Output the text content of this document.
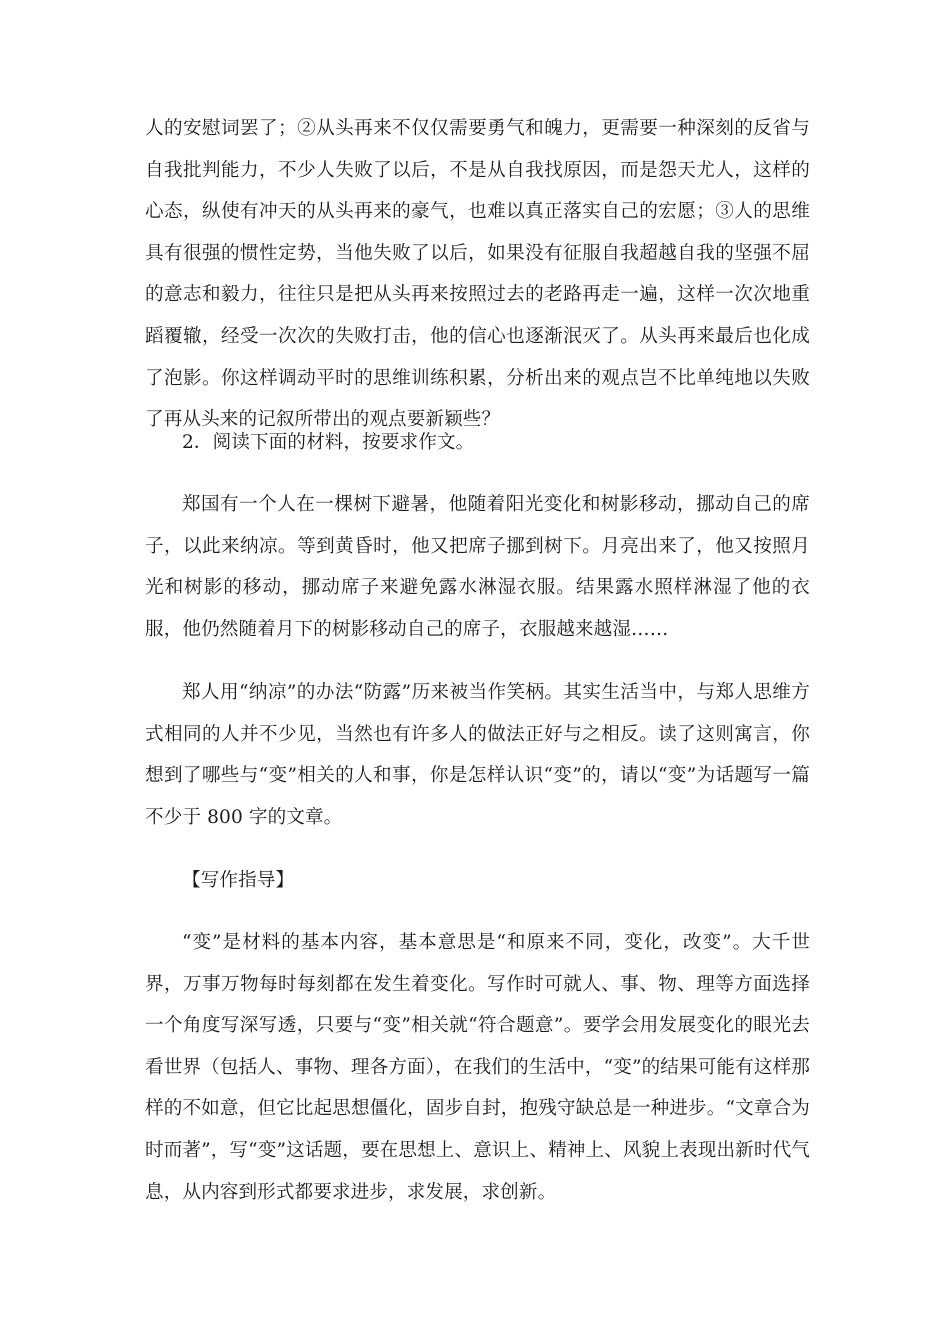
人的安慰词罢了；②从头再来不仅仅需要勇气和魄力，更需要一种深刻的反省与自我批判能力，不少人失败了以后，不是从自我找原因，而是怨天尤人，这样的心态，纵使有冲天的从头再来的豪气，也难以真正落实自己的宏愿；③人的思维具有很强的惯性定势，当他失败了以后，如果没有征服自我超越自我的坚强不屈的意志和毅力，往往只是把从头再来按照过去的老路再走一遍，这样一次次地重蹈覆辙，经受一次次的失败打击，他的信心也逐渐泯灭了。从头再来最后也化成了泡影。你这样调动平时的思维训练积累，分析出来的观点岂不比单纯地以失败了再从头来的记叙所带出的观点要新颖些？

2．阅读下面的材料，按要求作文。

郑国有一个人在一棵树下避暑，他随着阳光变化和树影移动，挪动自己的席子，以此来纳凉。等到黄昏时，他又把席子挪到树下。月亮出来了，他又按照月光和树影的移动，挪动席子来避免露水淋湿衣服。结果露水照样淋湿了他的衣服，他仍然随着月下的树影移动自己的席子，衣服越来越湿……

郑人用“纳凉”的办法“防露”历来被当作笑柄。其实生活当中，与郑人思维方式相同的人并不少见，当然也有许多人的做法正好与之相反。读了这则寓言，你想到了哪些与“变”相关的人和事，你是怎样认识“变”的，请以“变”为话题写一篇不少于 800 字的文章。

【写作指导】

“变”是材料的基本内容，基本意思是“和原来不同，变化，改变”。大千世界，万事万物每时每刻都在发生着变化。写作时可就人、事、物、理等方面选择一个角度写深写透，只要与“变”相关就“符合题意”。要学会用发展变化的眼光去看世界（包括人、事物、理各方面），在我们的生活中，“变”的结果可能有这样那样的不如意，但它比起思想僵化，固步自封，抱残守缺总是一种进步。“文章合为时而著”，写“变”这话题，要在思想上、意识上、精神上、风貌上表现出新时代气息，从内容到形式都要求进步，求发展，求创新。
